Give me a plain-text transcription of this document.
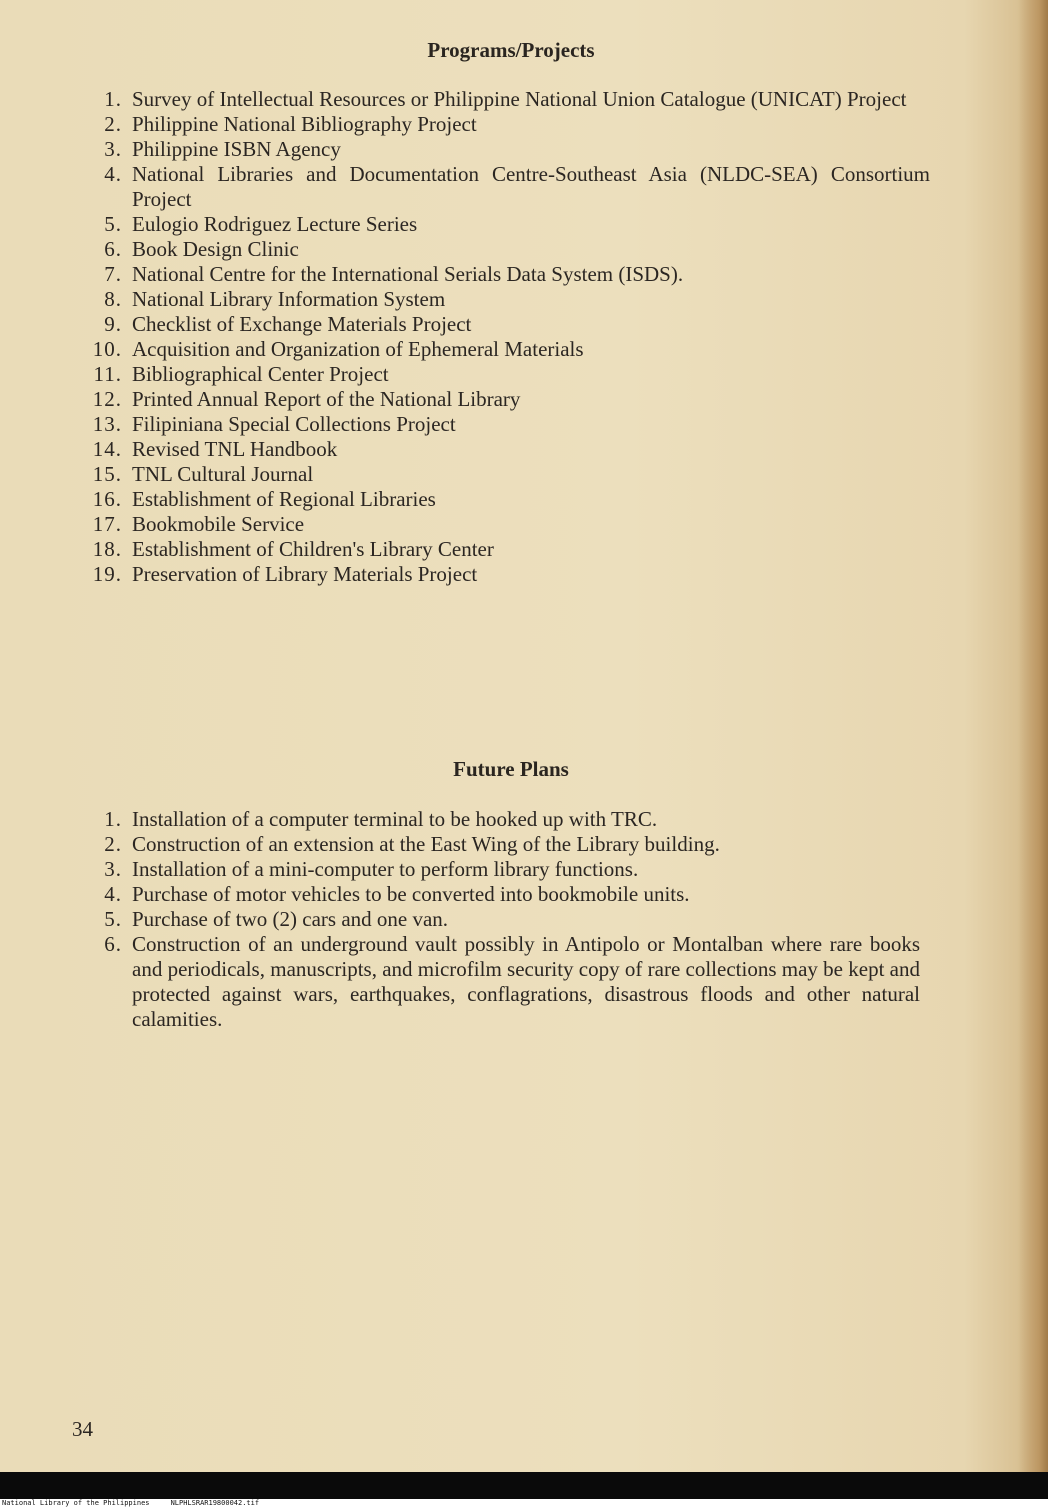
Programs/Projects
1. Survey of Intellectual Resources or Philippine National Union Catalogue (UNICAT) Project
2. Philippine National Bibliography Project
3. Philippine ISBN Agency
4. National Libraries and Documentation Centre-Southeast Asia (NLDC-SEA) Consortium Project
5. Eulogio Rodriguez Lecture Series
6. Book Design Clinic
7. National Centre for the International Serials Data System (ISDS).
8. National Library Information System
9. Checklist of Exchange Materials Project
10. Acquisition and Organization of Ephemeral Materials
11. Bibliographical Center Project
12. Printed Annual Report of the National Library
13. Filipiniana Special Collections Project
14. Revised TNL Handbook
15. TNL Cultural Journal
16. Establishment of Regional Libraries
17. Bookmobile Service
18. Establishment of Children's Library Center
19. Preservation of Library Materials Project
Future Plans
1. Installation of a computer terminal to be hooked up with TRC.
2. Construction of an extension at the East Wing of the Library building.
3. Installation of a mini-computer to perform library functions.
4. Purchase of motor vehicles to be converted into bookmobile units.
5. Purchase of two (2) cars and one van.
6. Construction of an underground vault possibly in Antipolo or Montalban where rare books and periodicals, manuscripts, and microfilm security copy of rare collections may be kept and protected against wars, earthquakes, conflagrations, disastrous floods and other natural calamities.
34
National Library of the Philippines     NLPHLSRAR19800042.tif
